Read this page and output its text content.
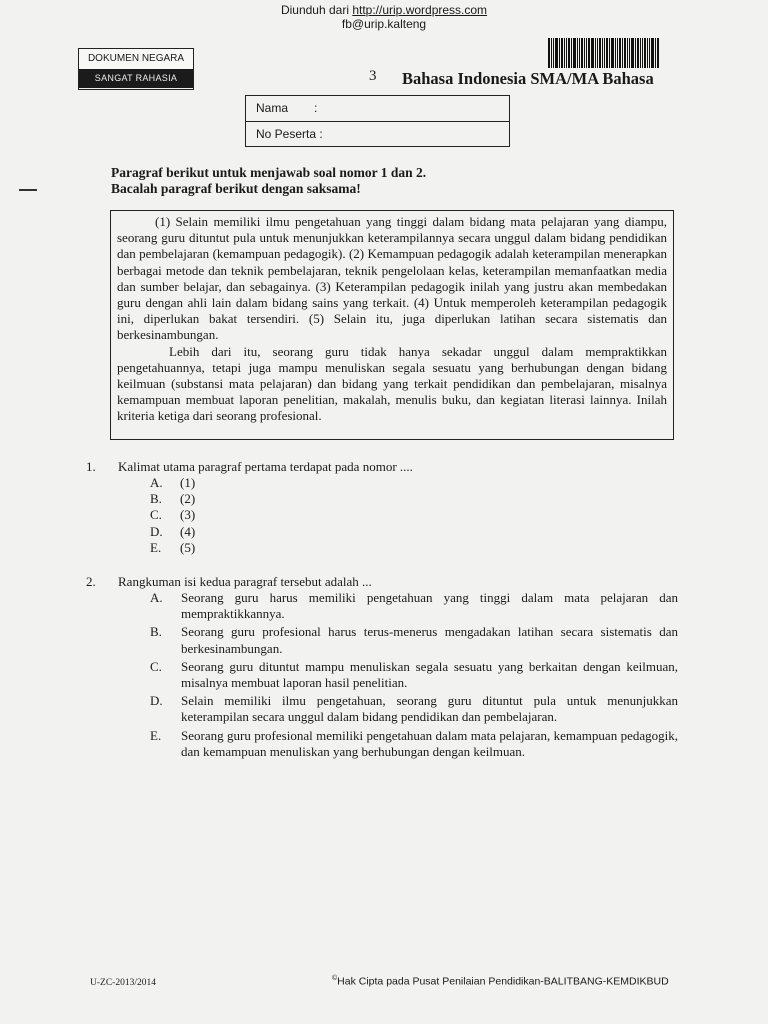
Diunduh dari http://urip.wordpress.com
fb@urip.kalteng
DOKUMEN NEGARA
SANGAT RAHASIA	3 Bahasa Indonesia SMA/MA Bahasa
Nama :
No Peserta :
Paragraf berikut untuk menjawab soal nomor 1 dan 2.
Bacalah paragraf berikut dengan saksama!

(1) Selain memiliki ilmu pengetahuan yang tinggi dalam bidang mata pelajaran yang diampu, seorang guru dituntut pula untuk menunjukkan keterampilannya secara unggul dalam bidang pendidikan dan pembelajaran (kemampuan pedagogik). (2) Kemampuan pedagogik adalah keterampilan menerapkan berbagai metode dan teknik pembelajaran, teknik pengelolaan kelas, keterampilan memanfaatkan media dan sumber belajar, dan sebagainya. (3) Keterampilan pedagogik inilah yang justru akan membedakan guru dengan ahli lain dalam bidang sains yang terkait. (4) Untuk memperoleh keterampilan pedagogik ini, diperlukan bakat tersendiri. (5) Selain itu, juga diperlukan latihan secara sistematis dan berkesinambungan.

Lebih dari itu, seorang guru tidak hanya sekadar unggul dalam mempraktikkan pengetahuannya, tetapi juga mampu menuliskan segala sesuatu yang berhubungan dengan bidang keilmuan (substansi mata pelajaran) dan bidang yang terkait pendidikan dan pembelajaran, misalnya kemampuan membuat laporan penelitian, makalah, menulis buku, dan kegiatan literasi lainnya. Inilah kriteria ketiga dari seorang profesional.

1.	Kalimat utama paragraf pertama terdapat pada nomor ....
A.	(1)
B.	(2)
C.	(3)
D.	(4)
E.	(5)
2.	Rangkuman isi kedua paragraf tersebut adalah ...
A.	Seorang guru harus memiliki pengetahuan yang tinggi dalam mata pelajaran dan mempraktikkannya.
B.	Seorang guru profesional harus terus-menerus mengadakan latihan secara sistematis dan berkesinambungan.
C.	Seorang guru dituntut mampu menuliskan segala sesuatu yang berkaitan dengan keilmuan, misalnya membuat laporan hasil penelitian.
D.	Selain memiliki ilmu pengetahuan, seorang guru dituntut pula untuk menunjukkan keterampilan secara unggul dalam bidang pendidikan dan pembelajaran.
E.	Seorang guru profesional memiliki pengetahuan dalam mata pelajaran, kemampuan pedagogik, dan kemampuan menuliskan yang berhubungan dengan keilmuan.
U-ZC-2013/2014	©Hak Cipta pada Pusat Penilaian Pendidikan-BALITBANG-KEMDIKBUD
